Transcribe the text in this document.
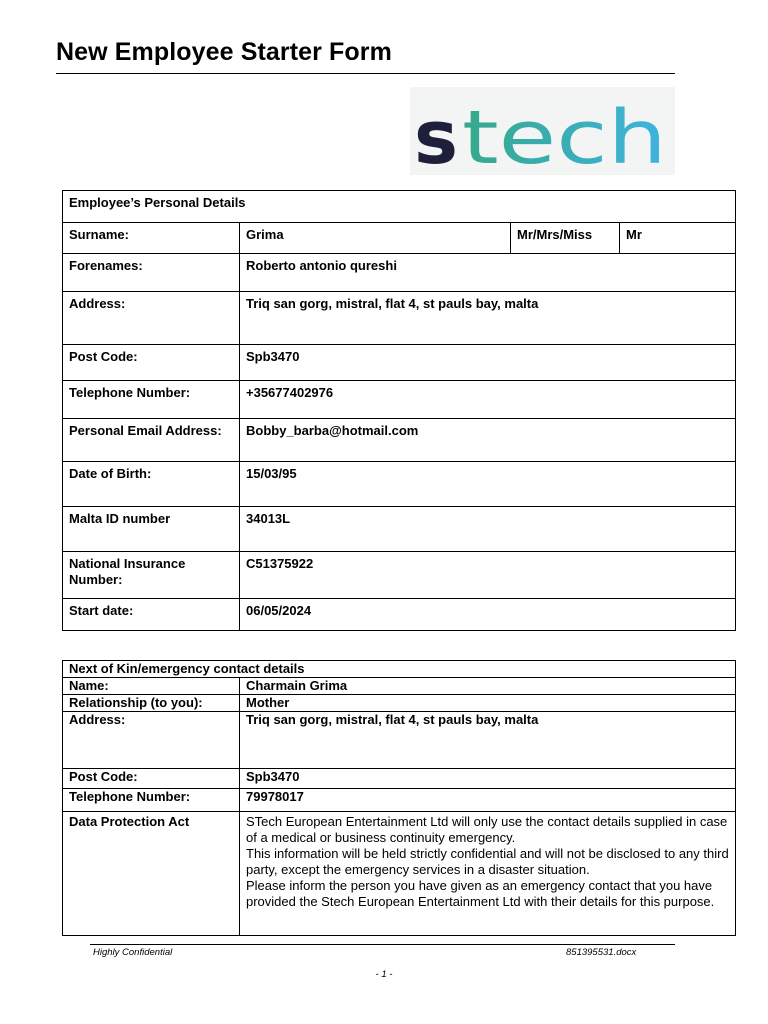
New Employee Starter Form
s tech
Employee’s Personal Details			
Surname:	Grima	Mr/Mrs/Miss	Mr
Forenames:	Roberto antonio qureshi		
Address:	Triq san gorg, mistral, flat 4, st pauls bay, malta		
Post Code:	Spb3470		
Telephone Number:	+35677402976		
Personal Email Address:	Bobby_barba@hotmail.com		
Date of Birth:	15/03/95		
Malta ID number	34013L		
National Insurance Number:	C51375922		
Start date:	06/05/2024		
Next of Kin/emergency contact details	
Name:	Charmain Grima
Relationship (to you):	Mother
Address:	Triq san gorg, mistral, flat 4, st pauls bay, malta
Post Code:	Spb3470
Telephone Number:	79978017
Data Protection Act	STech European Entertainment Ltd will only use the contact details supplied in case of a medical or business continuity emergency.
This information will be held strictly confidential and will not be disclosed to any third party, except the emergency services in a disaster situation.
Please inform the person you have given as an emergency contact that you have provided the Stech European Entertainment Ltd with their details for this purpose.
Highly Confidential	851395531.docx
- 1 -
